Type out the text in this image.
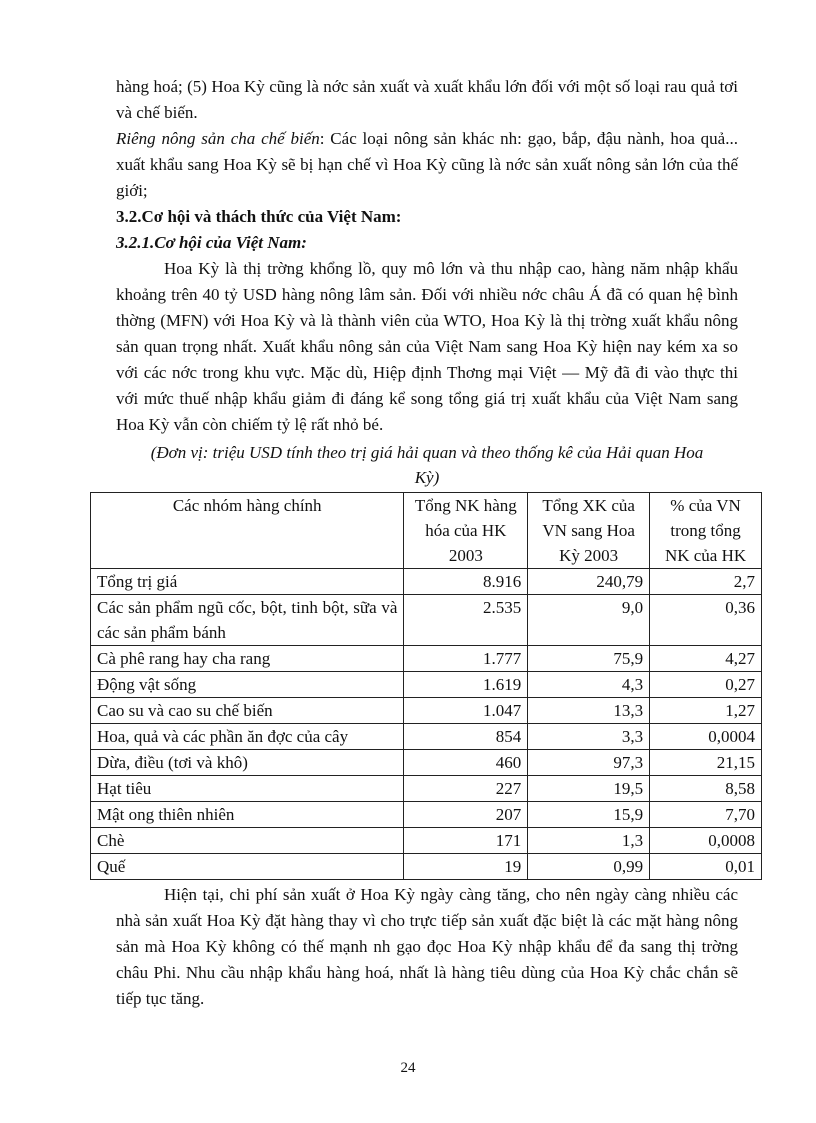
hàng hoá; (5) Hoa Kỳ cũng là nớc sản xuất và xuất khẩu lớn đối với một số loại rau quả tơi và chế biến.

Riêng nông sản cha chế biến: Các loại nông sản khác nh: gạo, bắp, đậu nành, hoa quả... xuất khẩu sang Hoa Kỳ sẽ bị hạn chế vì Hoa Kỳ cũng là nớc sản xuất nông sản lớn của thế giới;

3.2.Cơ hội và thách thức của Việt Nam:

3.2.1.Cơ hội của Việt Nam:

Hoa Kỳ là thị trờng khổng lồ, quy mô lớn và thu nhập cao, hàng năm nhập khẩu khoảng trên 40 tỷ USD hàng nông lâm sản. Đối với nhiều nớc châu Á đã có quan hệ bình thờng (MFN) với Hoa Kỳ và là thành viên của WTO, Hoa Kỳ là thị trờng xuất khẩu nông sản quan trọng nhất. Xuất khẩu nông sản của Việt Nam sang Hoa Kỳ hiện nay kém xa so với các nớc trong khu vực. Mặc dù, Hiệp định Thơng mại Việt — Mỹ đã đi vào thực thi với mức thuế nhập khẩu giảm đi đáng kể song tổng giá trị xuất khẩu của Việt Nam sang Hoa Kỳ vẫn còn chiếm tỷ lệ rất nhỏ bé.

(Đơn vị: triệu USD tính theo trị giá hải quan và theo thống kê của Hải quan Hoa Kỳ)

Các nhóm hàng chính	Tổng NK hàng hóa của HK 2003	Tổng XK của VN sang Hoa Kỳ 2003	% của VN trong tổng NK của HK
Tổng trị giá	8.916	240,79	2,7
Các sản phẩm ngũ cốc, bột, tinh bột, sữa và các sản phẩm bánh	2.535	9,0	0,36
Cà phê rang hay cha rang	1.777	75,9	4,27
Động vật sống	1.619	4,3	0,27
Cao su và cao su chế biến	1.047	13,3	1,27
Hoa, quả và các phần ăn đợc của cây	854	3,3	0,0004
Dừa, điều (tơi và khô)	460	97,3	21,15
Hạt tiêu	227	19,5	8,58
Mật ong thiên nhiên	207	15,9	7,70
Chè	171	1,3	0,0008
Quế	19	0,99	0,01

Hiện tại, chi phí sản xuất ở Hoa Kỳ ngày càng tăng, cho nên ngày càng nhiều các nhà sản xuất Hoa Kỳ đặt hàng thay vì cho trực tiếp sản xuất đặc biệt là các mặt hàng nông sản mà Hoa Kỳ không có thế mạnh nh gạo đọc Hoa Kỳ nhập khẩu để đa sang thị trờng châu Phi. Nhu cầu nhập khẩu hàng hoá, nhất là hàng tiêu dùng của Hoa Kỳ chắc chắn sẽ tiếp tục tăng.

24
